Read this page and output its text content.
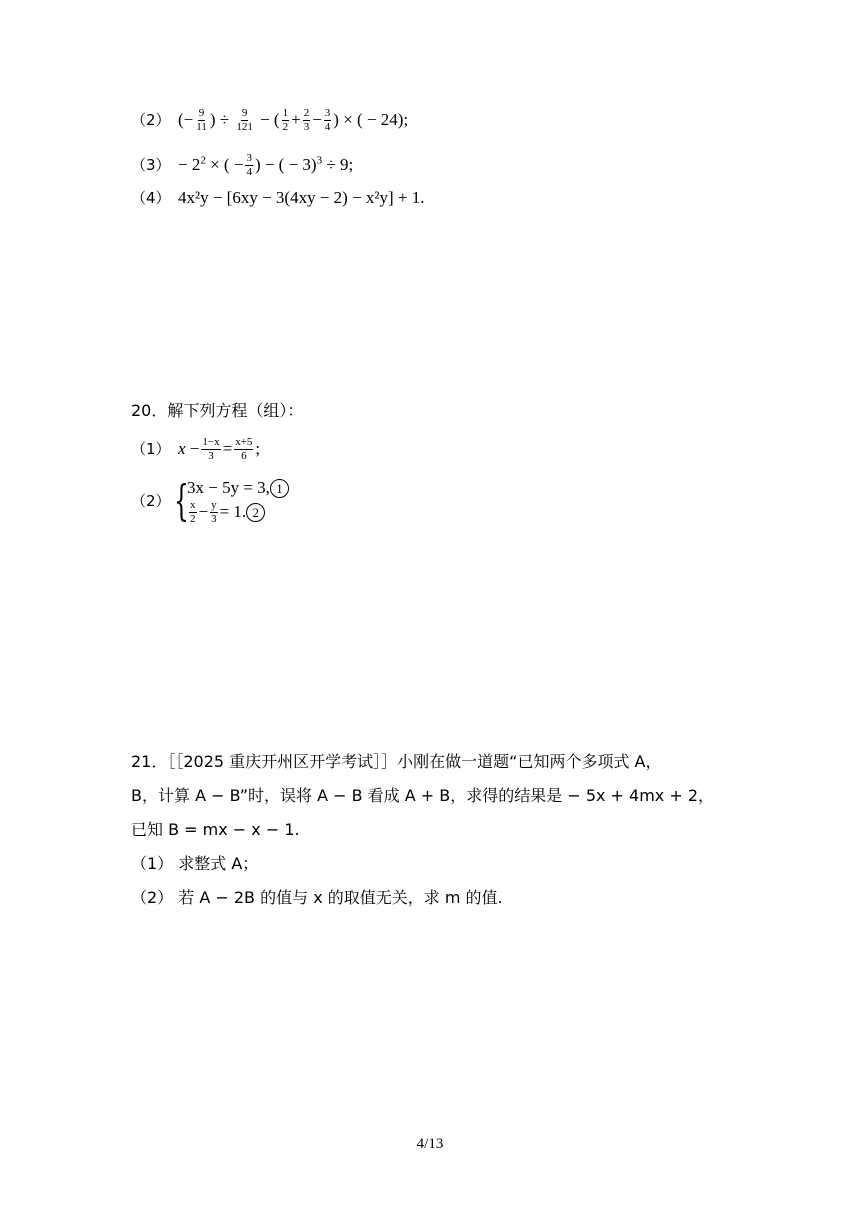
（2） (− $\frac{9}{11}$ ) ÷ $\frac{9}{121}$ − ( $\frac{1}{2} + \frac{2}{3} - \frac{3}{4}$ ) × ( − 24);
$(3) - 2^2$ × ( − $\frac{3}{4}$ ) − ( − 3)$^3$ ÷ 9;
（4） 4x²y − [6xy − 3(4xy − 2) − x²y] + 1.
20．解下列方程（组）：
（1） $x - \frac{1-x}{3} = \frac{x+5}{6}$ ;
（2） {
3x − 5y = 3, 1
$\frac{x}{2} - \frac{y}{3} = 1$. 2
21．［［2025 重庆开州区开学考试］］小刚在做一道题“已知两个多项式 A，
B，计算 A − B”时，误将 A − B 看成 A + B，求得的结果是 − 5x + 4mx + 2，
已知 B = mx − x − 1.
（1） 求整式 A；
（2） 若 A − 2B 的值与 x 的取值无关，求 m 的值.
4/13
